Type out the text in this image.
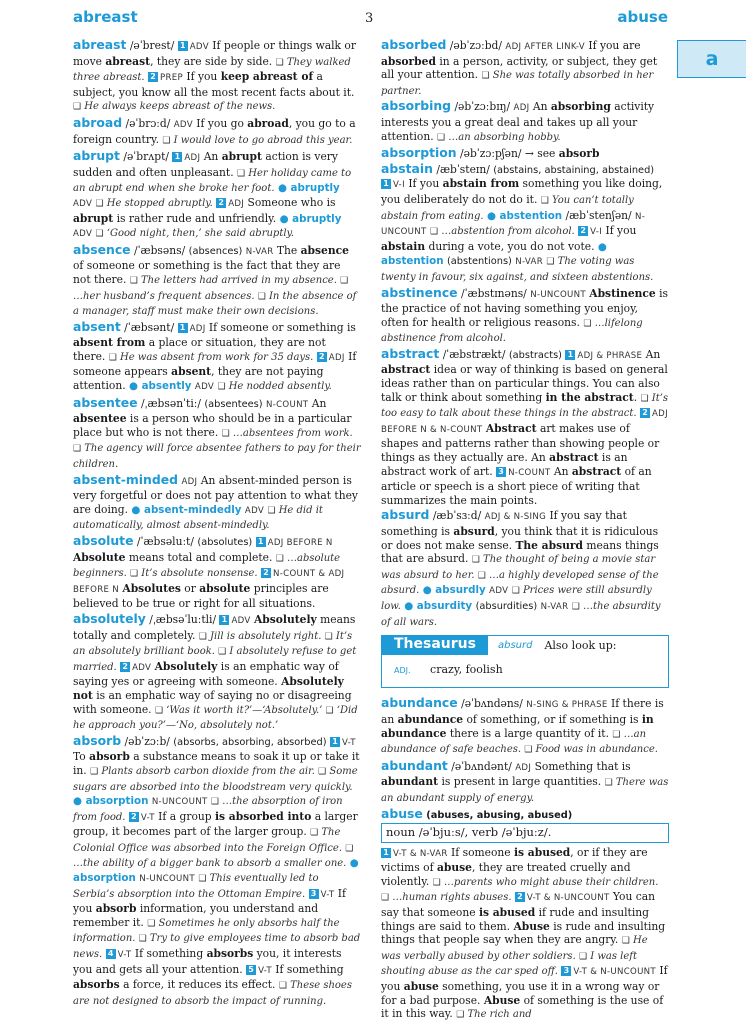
abreast	3	abuse
a
abreast /əˈbrest/ 1 ADV If people or things walk or move abreast, they are side by side. ❑ They walked three abreast. 2 PREP If you keep abreast of a subject, you know all the most recent facts about it. ❑ He always keeps abreast of the news.
abroad /əˈbrɔːd/ ADV If you go abroad, you go to a foreign country. ❑ I would love to go abroad this year.
abrupt /əˈbrʌpt/ 1 ADJ An abrupt action is very sudden and often unpleasant. ❑ Her holiday came to an abrupt end when she broke her foot. ● abruptly ADV ❑ He stopped abruptly. 2 ADJ Someone who is abrupt is rather rude and unfriendly. ● abruptly ADV ❑ ‘Good night, then,’ she said abruptly.
absence /ˈæbsəns/ (absences) N-VAR The absence of someone or something is the fact that they are not there. ❑ The letters had arrived in my absence. ❑ …her husband’s frequent absences. ❑ In the absence of a manager, staff must make their own decisions.
absent /ˈæbsənt/ 1 ADJ If someone or something is absent from a place or situation, they are not there. ❑ He was absent from work for 35 days. 2 ADJ If someone appears absent, they are not paying attention. ● absently ADV ❑ He nodded absently.
absentee /ˌæbsənˈtiː/ (absentees) N-COUNT An absentee is a person who should be in a particular place but who is not there. ❑ …absentees from work. ❑ The agency will force absentee fathers to pay for their children.
absent-minded ADJ An absent-minded person is very forgetful or does not pay attention to what they are doing. ● absent-mindedly ADV ❑ He did it automatically, almost absent-mindedly.
absolute /ˈæbsəluːt/ (absolutes) 1 ADJ BEFORE N Absolute means total and complete. ❑ …absolute beginners. ❑ It’s absolute nonsense. 2 N-COUNT & ADJ BEFORE N Absolutes or absolute principles are believed to be true or right for all situations.
absolutely /ˌæbsəˈluːtli/ 1 ADV Absolutely means totally and completely. ❑ Jill is absolutely right. ❑ It’s an absolutely brilliant book. ❑ I absolutely refuse to get married. 2 ADV Absolutely is an emphatic way of saying yes or agreeing with someone. Absolutely not is an emphatic way of saying no or disagreeing with someone. ❑ ‘Was it worth it?’—‘Absolutely.’ ❑ ‘Did he approach you?’—‘No, absolutely not.’
absorb /əbˈzɔːb/ (absorbs, absorbing, absorbed) 1 V-T To absorb a substance means to soak it up or take it in. ❑ Plants absorb carbon dioxide from the air. ❑ Some sugars are absorbed into the bloodstream very quickly. ● absorption N-UNCOUNT ❑ …the absorption of iron from food. 2 V-T If a group is absorbed into a larger group, it becomes part of the larger group. ❑ The Colonial Office was absorbed into the Foreign Office. ❑ …the ability of a bigger bank to absorb a smaller one. ● absorption N-UNCOUNT ❑ This eventually led to Serbia’s absorption into the Ottoman Empire. 3 V-T If you absorb information, you understand and remember it. ❑ Sometimes he only absorbs half the information. ❑ Try to give employees time to absorb bad news. 4 V-T If something absorbs you, it interests you and gets all your attention. 5 V-T If something absorbs a force, it reduces its effect. ❑ These shoes are not designed to absorb the impact of running.
absorbed /əbˈzɔːbd/ ADJ AFTER LINK-V If you are absorbed in a person, activity, or subject, they get all your attention. ❑ She was totally absorbed in her partner.
absorbing /əbˈzɔːbɪŋ/ ADJ An absorbing activity interests you a great deal and takes up all your attention. ❑ …an absorbing hobby.
absorption /əbˈzɔːpʃən/ → see absorb
abstain /æbˈsteɪn/ (abstains, abstaining, abstained) 1 V-I If you abstain from something you like doing, you deliberately do not do it. ❑ You can’t totally abstain from eating. ● abstention /æbˈstenʃən/ N-UNCOUNT ❑ …abstention from alcohol. 2 V-I If you abstain during a vote, you do not vote. ● abstention (abstentions) N-VAR ❑ The voting was twenty in favour, six against, and sixteen abstentions.
abstinence /ˈæbstɪnəns/ N-UNCOUNT Abstinence is the practice of not having something you enjoy, often for health or religious reasons. ❑ …lifelong abstinence from alcohol.
abstract /ˈæbstrækt/ (abstracts) 1 ADJ & PHRASE An abstract idea or way of thinking is based on general ideas rather than on particular things. You can also talk or think about something in the abstract. ❑ It’s too easy to talk about these things in the abstract. 2 ADJ BEFORE N & N-COUNT Abstract art makes use of shapes and patterns rather than showing people or things as they actually are. An abstract is an abstract work of art. 3 N-COUNT An abstract of an article or speech is a short piece of writing that summarizes the main points.
absurd /æbˈsɜːd/ ADJ & N-SING If you say that something is absurd, you think that it is ridiculous or does not make sense. The absurd means things that are absurd. ❑ The thought of being a movie star was absurd to her. ❑ …a highly developed sense of the absurd. ● absurdly ADV ❑ Prices were still absurdly low. ● absurdity (absurdities) N-VAR ❑ …the absurdity of all wars.
Thesaurus	absurd Also look up:
ADJ. crazy, foolish
abundance /əˈbʌndəns/ N-SING & PHRASE If there is an abundance of something, or if something is in abundance there is a large quantity of it. ❑ …an abundance of safe beaches. ❑ Food was in abundance.
abundant /əˈbʌndənt/ ADJ Something that is abundant is present in large quantities. ❑ There was an abundant supply of energy.
abuse (abuses, abusing, abused)
noun /əˈbjuːs/, verb /əˈbjuːz/.
1 V-T & N-VAR If someone is abused, or if they are victims of abuse, they are treated cruelly and violently. ❑ …parents who might abuse their children. ❑ …human rights abuses. 2 V-T & N-UNCOUNT You can say that someone is abused if rude and insulting things are said to them. Abuse is rude and insulting things that people say when they are angry. ❑ He was verbally abused by other soldiers. ❑ I was left shouting abuse as the car sped off. 3 V-T & N-UNCOUNT If you abuse something, you use it in a wrong way or for a bad purpose. Abuse of something is the use of it in this way. ❑ The rich and
